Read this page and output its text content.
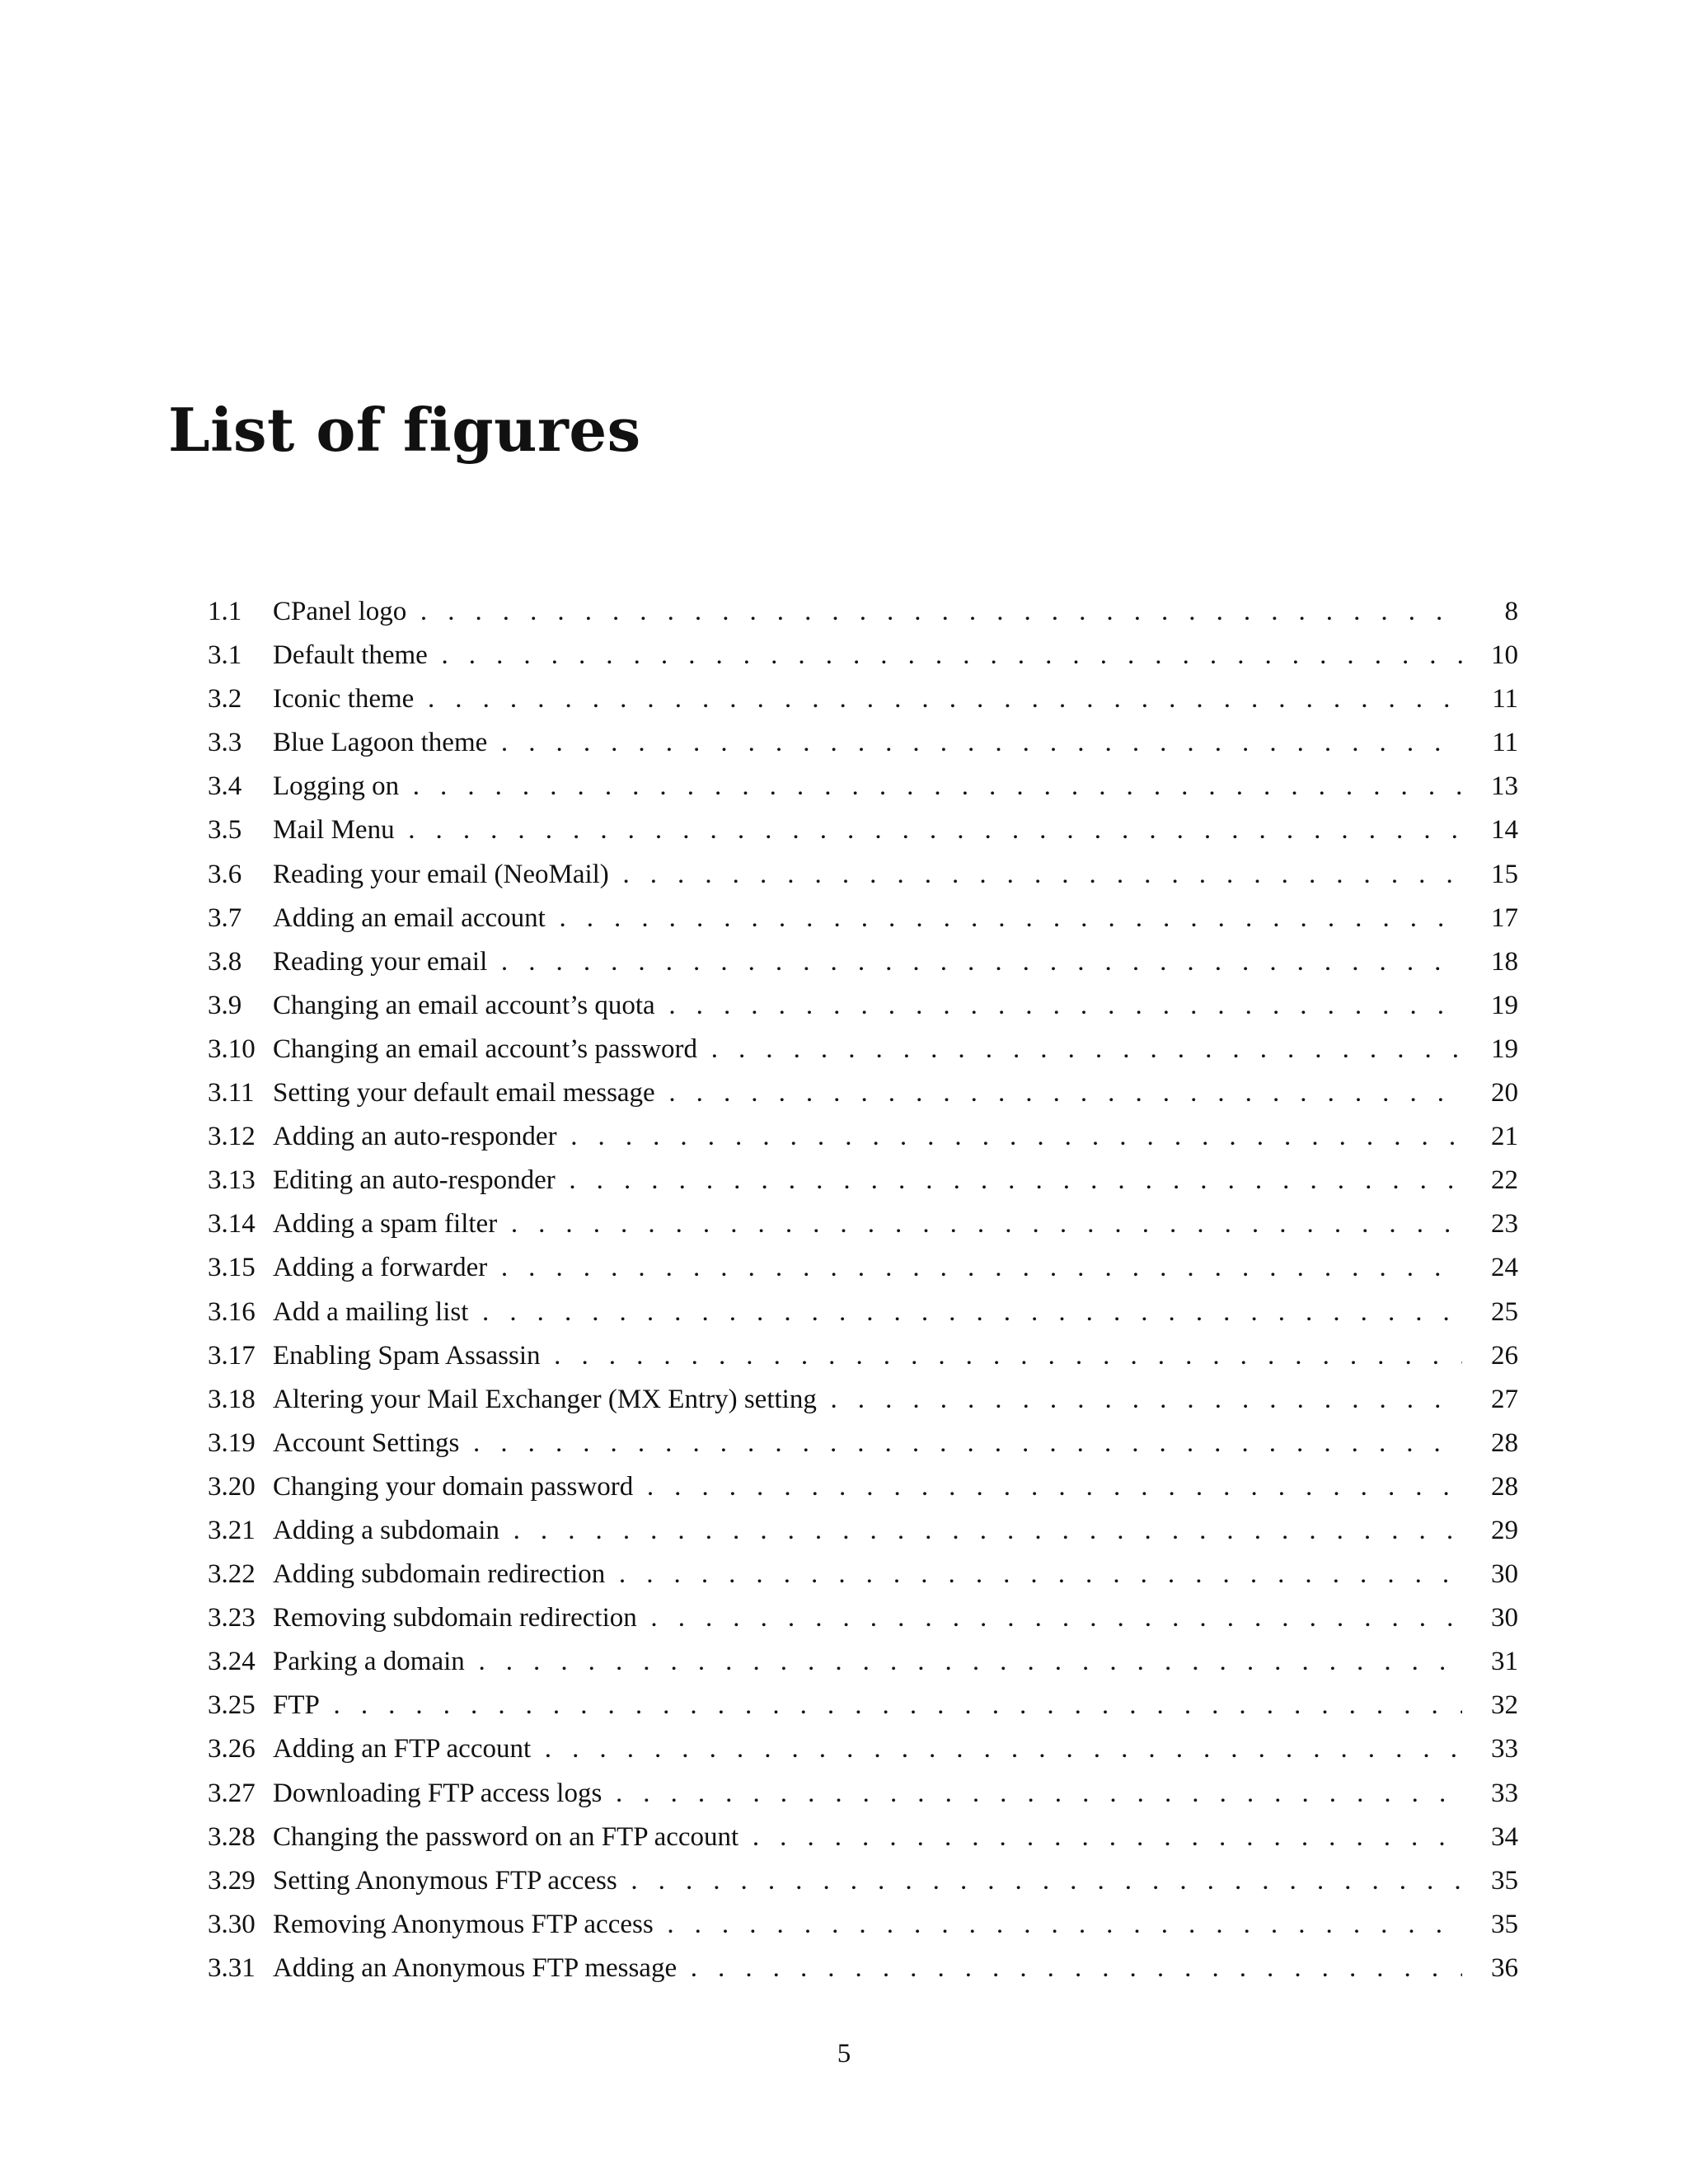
List of figures
1.1 CPanel logo . . .	8
3.1 Default theme . . .	10
3.2 Iconic theme . . .	11
3.3 Blue Lagoon theme . . .	11
3.4 Logging on . . .	13
3.5 Mail Menu . . .	14
3.6 Reading your email (NeoMail) . . .	15
3.7 Adding an email account . . .	17
3.8 Reading your email . . .	18
3.9 Changing an email account’s quota . . .	19
3.10 Changing an email account’s password . . .	19
3.11 Setting your default email message . . .	20
3.12 Adding an auto-responder . . .	21
3.13 Editing an auto-responder . . .	22
3.14 Adding a spam filter . . .	23
3.15 Adding a forwarder . . .	24
3.16 Add a mailing list . . .	25
3.17 Enabling Spam Assassin . . .	26
3.18 Altering your Mail Exchanger (MX Entry) setting . . .	27
3.19 Account Settings . . .	28
3.20 Changing your domain password . . .	28
3.21 Adding a subdomain . . .	29
3.22 Adding subdomain redirection . . .	30
3.23 Removing subdomain redirection . . .	30
3.24 Parking a domain . . .	31
3.25 FTP . . .	32
3.26 Adding an FTP account . . .	33
3.27 Downloading FTP access logs . . .	33
3.28 Changing the password on an FTP account . . .	34
3.29 Setting Anonymous FTP access . . .	35
3.30 Removing Anonymous FTP access . . .	35
3.31 Adding an Anonymous FTP message . . .	36
5
